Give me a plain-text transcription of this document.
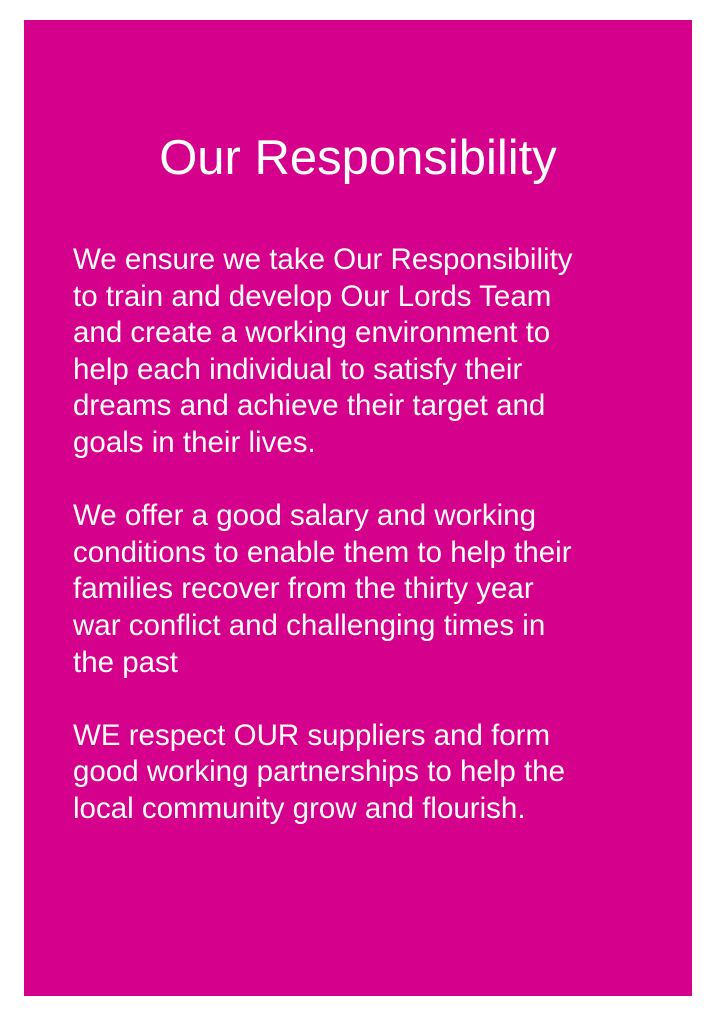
Our Responsibility

We ensure we take Our Responsibility
to train and develop Our Lords Team
and create a working environment to
help each individual to satisfy their
dreams and achieve their target and
goals in their lives.

We offer a good salary and working
conditions to enable them to help their
families recover from the thirty year
war conflict and challenging times in
the past

WE respect OUR suppliers and form
good working partnerships to help the
local community grow and flourish.
